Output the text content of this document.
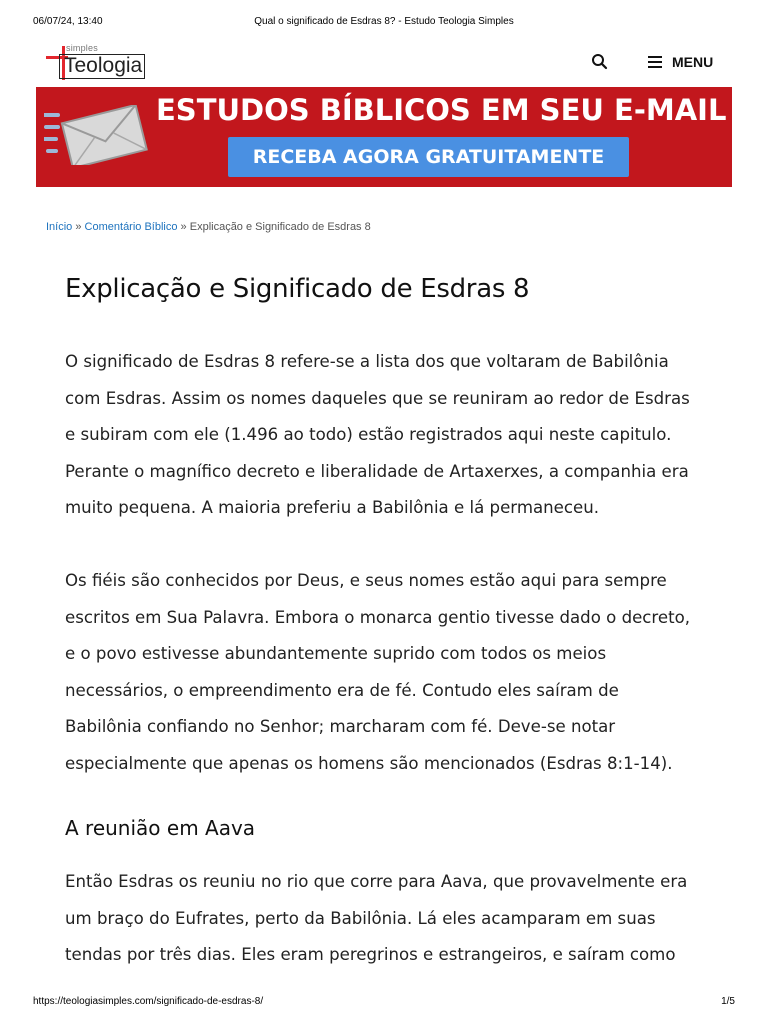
06/07/24, 13:40	Qual o significado de Esdras 8? - Estudo Teologia Simples
simples
Teologia	MENU
ESTUDOS BÍBLICOS EM SEU E-MAIL
RECEBA AGORA GRATUITAMENTE
Início » Comentário Bíblico » Explicação e Significado de Esdras 8
Explicação e Significado de Esdras 8

O significado de Esdras 8 refere-se a lista dos que voltaram de Babilônia
com Esdras. Assim os nomes daqueles que se reuniram ao redor de Esdras
e subiram com ele (1.496 ao todo) estão registrados aqui neste capitulo.
Perante o magnífico decreto e liberalidade de Artaxerxes, a companhia era
muito pequena. A maioria preferiu a Babilônia e lá permaneceu.

Os fiéis são conhecidos por Deus, e seus nomes estão aqui para sempre
escritos em Sua Palavra. Embora o monarca gentio tivesse dado o decreto,
e o povo estivesse abundantemente suprido com todos os meios
necessários, o empreendimento era de fé. Contudo eles saíram de
Babilônia confiando no Senhor; marcharam com fé. Deve-se notar
especialmente que apenas os homens são mencionados (Esdras 8:1-14).

A reunião em Aava

Então Esdras os reuniu no rio que corre para Aava, que provavelmente era
um braço do Eufrates, perto da Babilônia. Lá eles acamparam em suas
tendas por três dias. Eles eram peregrinos e estrangeiros, e saíram como

https://teologiasimples.com/significado-de-esdras-8/	1/5
